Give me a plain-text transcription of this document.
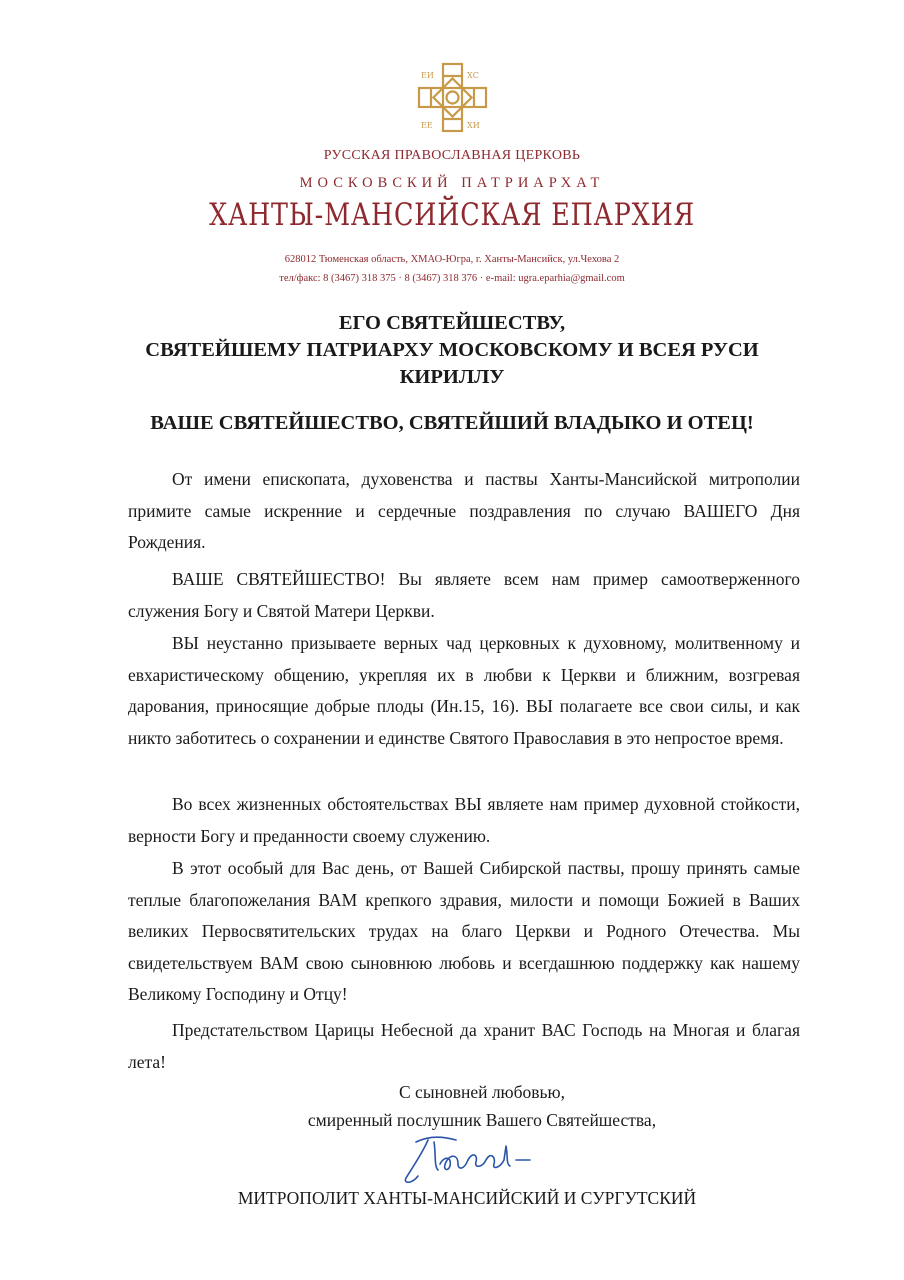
ЕИ	ХС
ЕЕ	ХИ
РУССКАЯ ПРАВОСЛАВНАЯ ЦЕРКОВЬ
МОСКОВСКИЙ ПАТРИАРХАТ
ХАНТЫ-МАНСИЙСКАЯ ЕПАРХИЯ
628012 Тюменская область, ХМАО-Югра, г. Ханты-Мансийск, ул.Чехова 2
тел/факс: 8 (3467) 318 375 · 8 (3467) 318 376 · e-mail: ugra.eparhia@gmail.com
ЕГО СВЯТЕЙШЕСТВУ,
СВЯТЕЙШЕМУ ПАТРИАРХУ МОСКОВСКОМУ И ВСЕЯ РУСИ
КИРИЛЛУ
ВАШЕ СВЯТЕЙШЕСТВО, СВЯТЕЙШИЙ ВЛАДЫКО И ОТЕЦ!

От имени епископата, духовенства и паствы Ханты-Мансийской митрополии примите самые искренние и сердечные поздравления по случаю ВАШЕГО Дня Рождения.

ВАШЕ СВЯТЕЙШЕСТВО! Вы являете всем нам пример самоотверженного служения Богу и Святой Матери Церкви.

ВЫ неустанно призываете верных чад церковных к духовному, молитвенному и евхаристическому общению, укрепляя их в любви к Церкви и ближним, возгревая дарования, приносящие добрые плоды (Ин.15, 16). ВЫ полагаете все свои силы, и как никто заботитесь о сохранении и единстве Святого Православия в это непростое время.

Во всех жизненных обстоятельствах ВЫ являете нам пример духовной стойкости, верности Богу и преданности своему служению.

В этот особый для Вас день, от Вашей Сибирской паствы, прошу принять самые теплые благопожелания ВАМ крепкого здравия, милости и помощи Божией в Ваших великих Первосвятительских трудах на благо Церкви и Родного Отечества. Мы свидетельствуем ВАМ свою сыновнюю любовь и всегдашнюю поддержку как нашему Великому Господину и Отцу!

Предстательством Царицы Небесной да хранит ВАС Господь на Многая и благая лета!

С сыновней любовью,
смиренный послушник Вашего Святейшества,
МИТРОПОЛИТ ХАНТЫ-МАНСИЙСКИЙ И СУРГУТСКИЙ
